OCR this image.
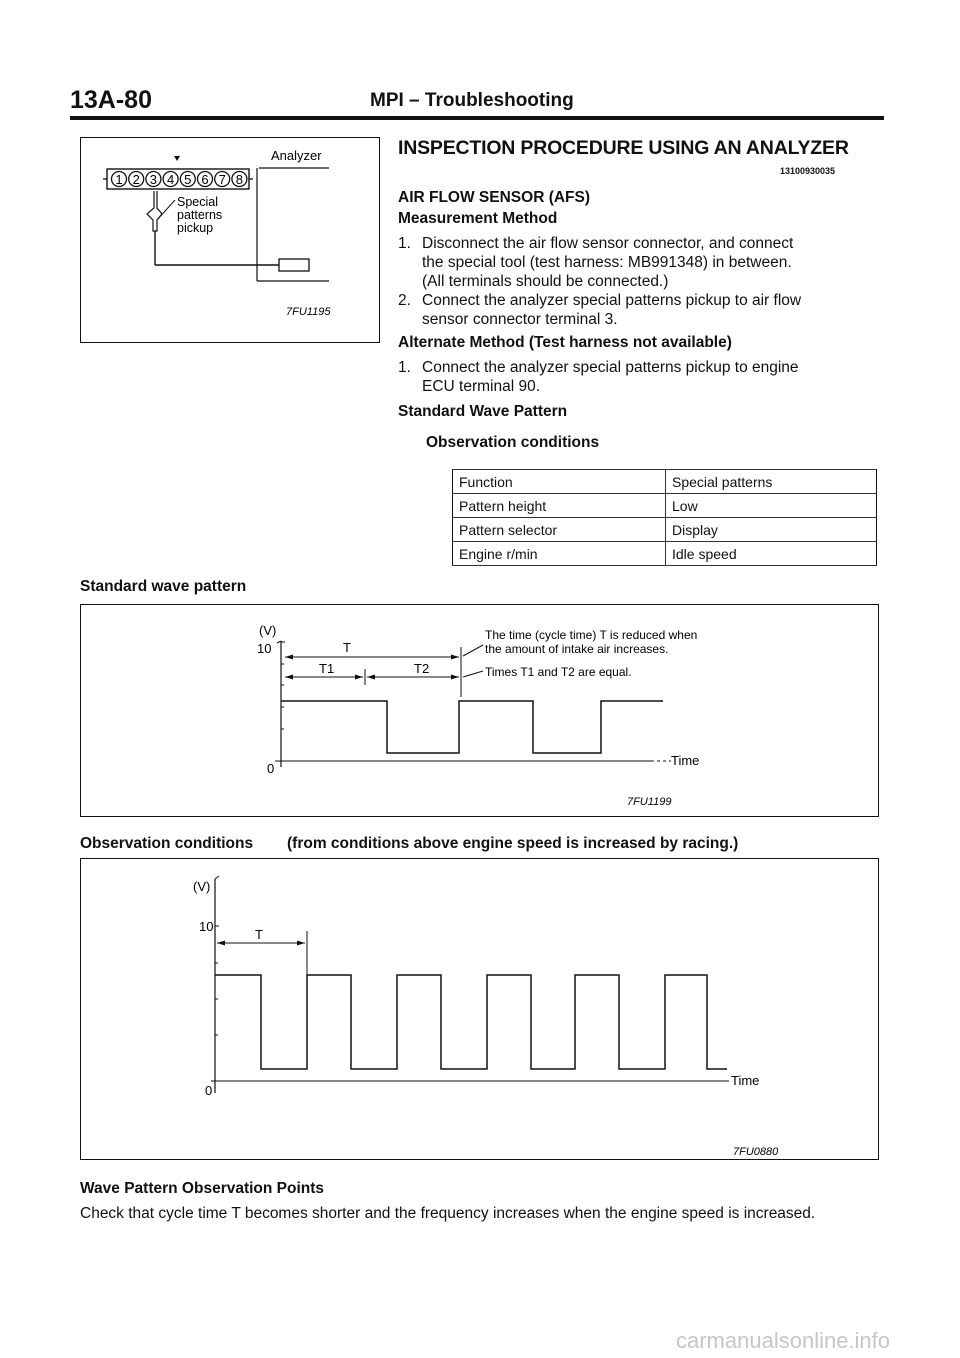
13A-80	MPI – Troubleshooting
Analyzer
1 2 3 4 5 6 7 8
Special
patterns
pickup
7FU1195
INSPECTION PROCEDURE USING AN ANALYZER
13100930035
AIR FLOW SENSOR (AFS)
Measurement Method
1. Disconnect the air flow sensor connector, and connect
the special tool (test harness: MB991348) in between.
(All terminals should be connected.)
2. Connect the analyzer special patterns pickup to air flow
sensor connector terminal 3.
Alternate Method (Test harness not available)
1. Connect the analyzer special patterns pickup to engine
ECU terminal 90.
Standard Wave Pattern
Observation conditions
Function	Special patterns
Pattern height	Low
Pattern selector	Display
Engine r/min	Idle speed
Standard wave pattern
(V)
10
0
Time
T
T1	T2
The time (cycle time) T is reduced when
the amount of intake air increases.
Times T1 and T2 are equal.
7FU1199
Observation conditions (from conditions above engine speed is increased by racing.)
(V)
10
0
Time
T
7FU0880
Wave Pattern Observation Points
Check that cycle time T becomes shorter and the frequency increases when the engine speed is increased.
carmanualsonline.info
